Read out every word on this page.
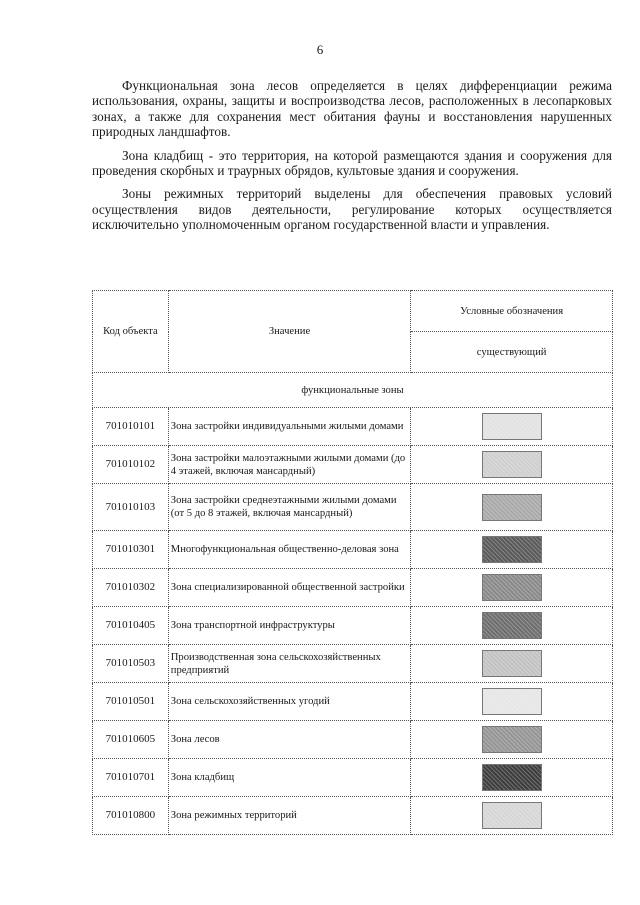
6

Функциональная зона лесов определяется в целях дифференциации режима использования, охраны, защиты и воспроизводства лесов, расположенных в лесопарковых зонах, а также для сохранения мест обитания фауны и восстановления нарушенных природных ландшафтов.

Зона кладбищ - это территория, на которой размещаются здания и сооружения для проведения скорбных и траурных обрядов, культовые здания и сооружения.

Зоны режимных территорий выделены для обеспечения правовых условий осуществления видов деятельности, регулирование которых осуществляется исключительно уполномоченным органом государственной власти и управления.

Код объекта	Значение	Условные обозначения
		существующий
функциональные зоны		
701010101	Зона застройки индивидуальными жилыми домами	

701010102	Зона застройки малоэтажными жилыми домами (до 4 этажей, включая мансардный)	

701010103	Зона застройки среднеэтажными жилыми домами (от 5 до 8 этажей, включая мансардный)	

701010301	Многофункциональная общественно-деловая зона	

701010302	Зона специализированной общественной застройки	

701010405	Зона транспортной инфраструктуры	

701010503	Производственная зона сельскохозяйственных предприятий	

701010501	Зона сельскохозяйственных угодий	

701010605	Зона лесов	

701010701	Зона кладбищ	

701010800	Зона режимных территорий	
